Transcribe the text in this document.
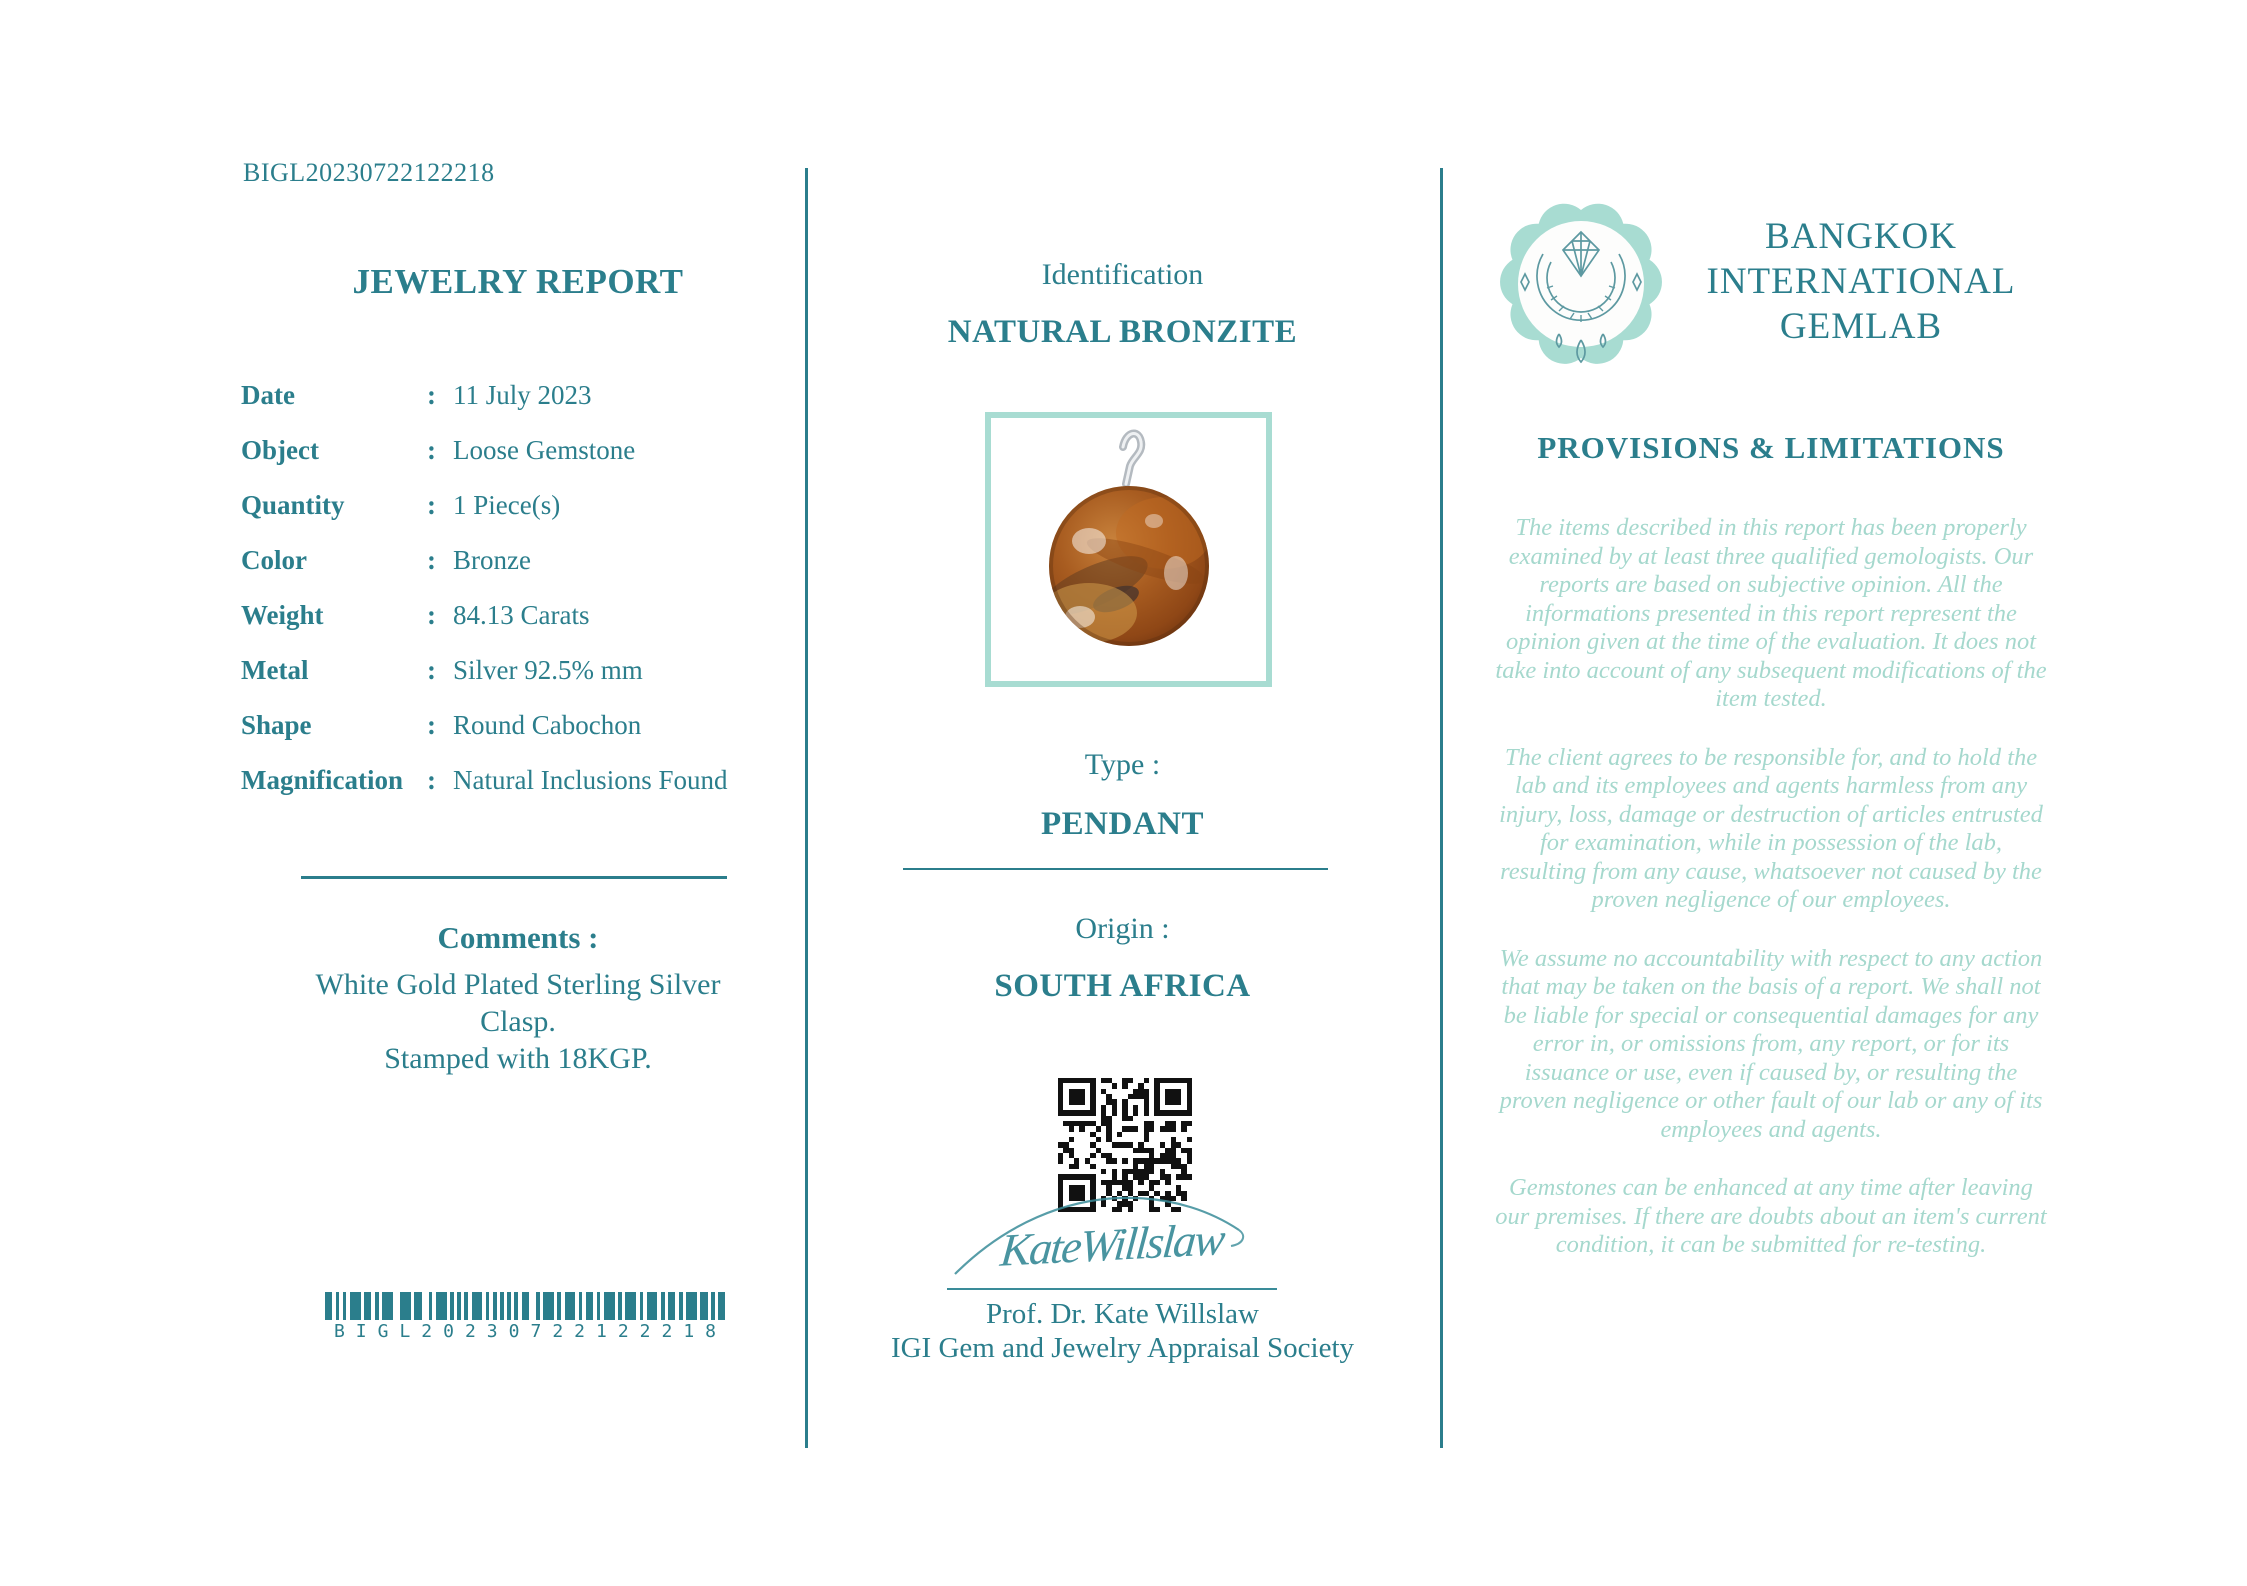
BIGL20230722122218
JEWELRY REPORT
Date	: 11 July 2023
Object	: Loose Gemstone
Quantity	: 1 Piece(s)
Color	: Bronze
Weight	: 84.13 Carats
Metal	: Silver 92.5% mm
Shape	: Round Cabochon
Magnification : Natural Inclusions Found
Comments :

White Gold Plated Sterling Silver Clasp.

Stamped with 18KGP.

BIGL20230722122218
Identification
NATURAL BRONZITE
Type :
PENDANT
Origin :
SOUTH AFRICA
KateWillslaw
Prof. Dr. Kate Willslaw
IGI Gem and Jewelry Appraisal Society
BANGKOK
INTERNATIONAL
GEMLAB
PROVISIONS & LIMITATIONS

The items described in this report has been properly examined by at least three qualified gemologists. Our reports are based on subjective opinion. All the informations presented in this report represent the opinion given at the time of the evaluation. It does not take into account of any subsequent modifications of the item tested.

The client agrees to be responsible for, and to hold the lab and its employees and agents harmless from any injury, loss, damage or destruction of articles entrusted for examination, while in possession of the lab, resulting from any cause, whatsoever not caused by the proven negligence of our employees.

We assume no accountability with respect to any action that may be taken on the basis of a report. We shall not be liable for special or consequential damages for any error in, or omissions from, any report, or for its issuance or use, even if caused by, or resulting the proven negligence or other fault of our lab or any of its employees and agents.

Gemstones can be enhanced at any time after leaving our premises. If there are doubts about an item's current condition, it can be submitted for re-testing.
